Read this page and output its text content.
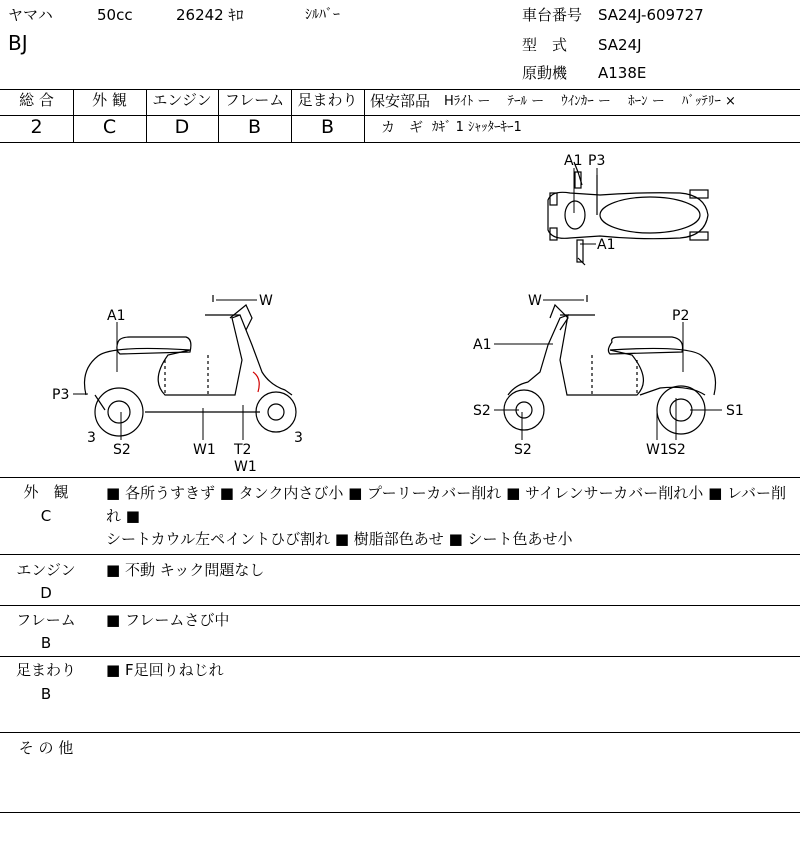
ヤマハ	50cc	26242 ｷﾛ	ｼﾙﾊﾞｰ
BJ
車台番号 SA24J-609727
型　式 SA24J
原動機 A138E
総 合
2
外 観
C
エンジン
D
フレーム
B
足まわり
B
保安部品 Hﾗｲﾄ ー　 ﾃｰﾙ ー　 ｳｲﾝｶｰ ー　 ﾎｰﾝ ー　 ﾊﾞｯﾃﾘｰ ×
カ　ギ ｶｷﾞ 1 ｼｬｯﾀｰｷｰ1
A1 P3
A1
W
A1
P3
3
S2	W1 T2
W1
3
W
P2
A1
S2	S1
S2	W1 S2
外　観
C
■ 各所うすきず ■ タンク内さび小 ■ プーリーカバー削れ ■ サイレンサーカバー削れ小 ■ レバー削れ ■
シートカウル左ペイントひび割れ ■ 樹脂部色あせ ■ シート色あせ小
エンジン
D
■ 不動 キック問題なし
フレーム
B
■ フレームさび中
足まわり
B
■ F足回りねじれ
そ の 他
